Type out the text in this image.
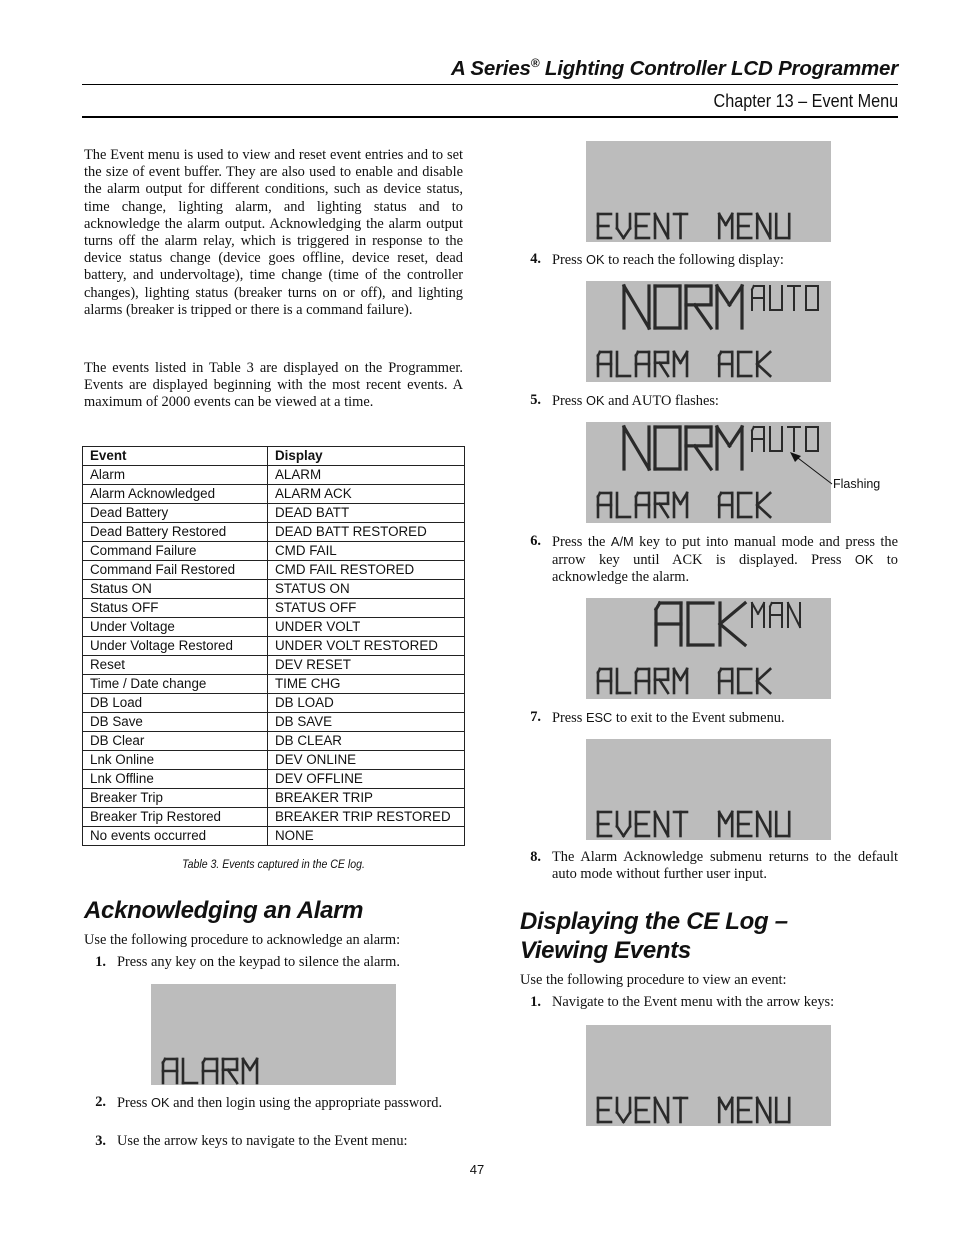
A Series® Lighting Controller LCD Programmer
Chapter 13 – Event Menu
The Event menu is used to view and reset event entries and to set the size of event buffer. They are also used to enable and disable the alarm output for different conditions, such as device status, time change, lighting alarm, and lighting status and to acknowledge the alarm output. Acknowledging the alarm output turns off the alarm relay, which is triggered in response to the device status change (device goes offline, device reset, dead battery, and undervoltage), time change (time of the controller changes), lighting status (breaker turns on or off), and lighting alarms (breaker is tripped or there is a command failure).
The events listed in Table 3 are displayed on the Programmer. Events are displayed beginning with the most recent events. A maximum of 2000 events can be viewed at a time.
Event	Display
Alarm	ALARM
Alarm Acknowledged	ALARM ACK
Dead Battery	DEAD BATT
Dead Battery Restored	DEAD BATT RESTORED
Command Failure	CMD FAIL
Command Fail Restored	CMD FAIL RESTORED
Status ON	STATUS ON
Status OFF	STATUS OFF
Under Voltage	UNDER VOLT
Under Voltage Restored	UNDER VOLT RESTORED
Reset	DEV RESET
Time / Date change	TIME CHG
DB Load	DB LOAD
DB Save	DB SAVE
DB Clear	DB CLEAR
Lnk Online	DEV ONLINE
Lnk Offline	DEV OFFLINE
Breaker Trip	BREAKER TRIP
Breaker Trip Restored	BREAKER TRIP RESTORED
No events occurred	NONE
Table 3. Events captured in the CE log.
Acknowledging an Alarm
Use the following procedure to acknowledge an alarm:
1. Press any key on the keypad to silence the alarm.
2. Press OK and then login using the appropriate password.
3. Use the arrow keys to navigate to the Event menu:
4. Press OK to reach the following display:
5. Press OK and AUTO flashes:
Flashing
6. Press the A/M key to put into manual mode and press the arrow key until ACK is displayed. Press OK to acknowledge the alarm.
7. Press ESC to exit to the Event submenu.
8. The Alarm Acknowledge submenu returns to the default auto mode without further user input.
Displaying the CE Log –
Viewing Events
Use the following procedure to view an event:
1. Navigate to the Event menu with the arrow keys:
47
